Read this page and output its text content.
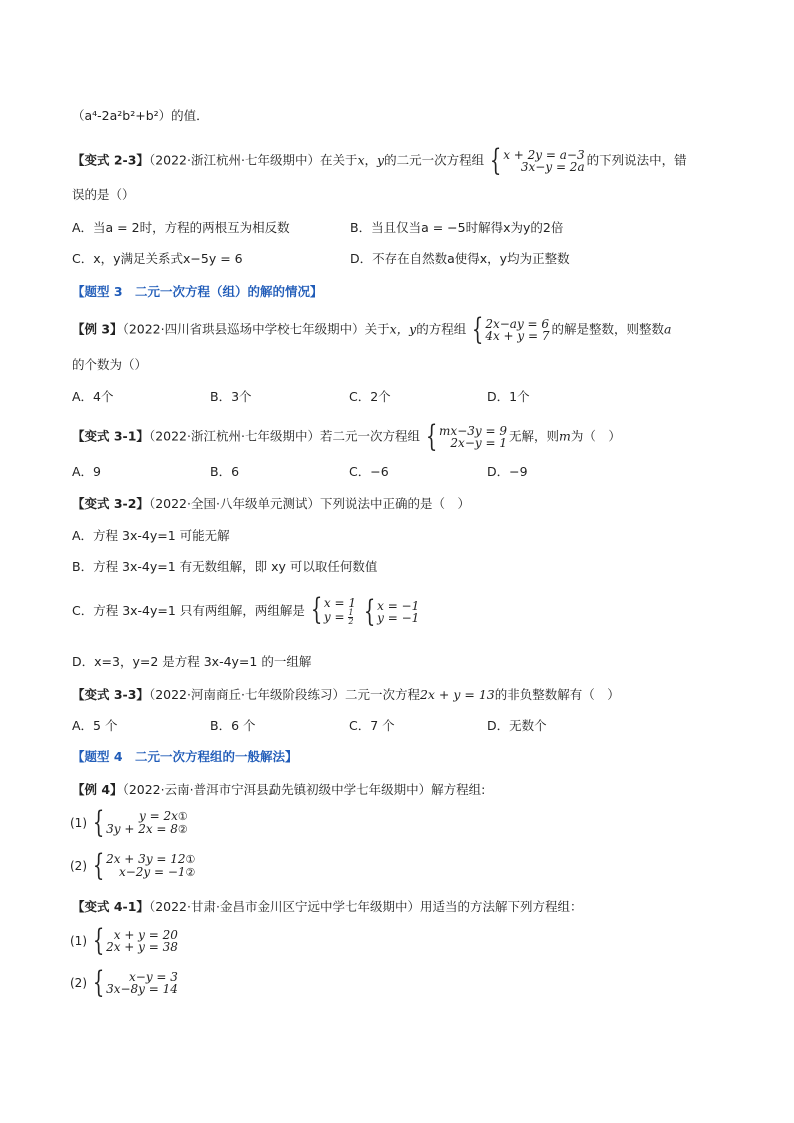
（a⁴-2a²b²+b²）的值．
【变式 2-3】（2022·浙江杭州·七年级期中）在关于x，y的二元一次方程组 { x + 2y = a−3
3x−y = 2a 的下列说法中，错
误的是（）
A．当a = 2时，方程的两根互为相反数	B．当且仅当a = −5时解得x为y的2倍
C．x，y满足关系式x−5y = 6	D．不存在自然数a使得x，y均为正整数
【题型 3　二元一次方程（组）的解的情况】
【例 3】（2022·四川省珙县巡场中学校七年级期中）关于x，y的方程组 { 2x−ay = 6
4x + y = 7 的解是整数，则整数a
的个数为（）
A．4个	B．3个	C．2个	D．1个
【变式 3-1】（2022·浙江杭州·七年级期中）若二元一次方程组 { mx−3y = 9
2x−y = 1 无解，则m为（　）
A．9	B．6	C．−6	D．−9
【变式 3-2】（2022·全国·八年级单元测试）下列说法中正确的是（　）
A．方程 3x-4y=1 可能无解
B．方程 3x-4y=1 有无数组解，即 xy 可以取任何数值
C．方程 3x-4y=1 只有两组解，两组解是 { x = 1
$y = \frac{1}{2}$ { x = −1
y = −1
D．x=3，y=2 是方程 3x-4y=1 的一组解
【变式 3-3】（2022·河南商丘·七年级阶段练习）二元一次方程2x + y = 13的非负整数解有（　）
A．5 个	B．6 个	C．7 个	D．无数个
【题型 4　二元一次方程组的一般解法】
【例 4】（2022·云南·普洱市宁洱县勐先镇初级中学七年级期中）解方程组:
(1) {	y = 2x①
3y + 2x = 8②
(2) { 2x + 3y = 12①
x−2y = −1②
【变式 4-1】（2022·甘肃·金昌市金川区宁远中学七年级期中）用适当的方法解下列方程组：
(1) { x + y = 20
2x + y = 38
(2) {	x−y = 3
3x−8y = 14
